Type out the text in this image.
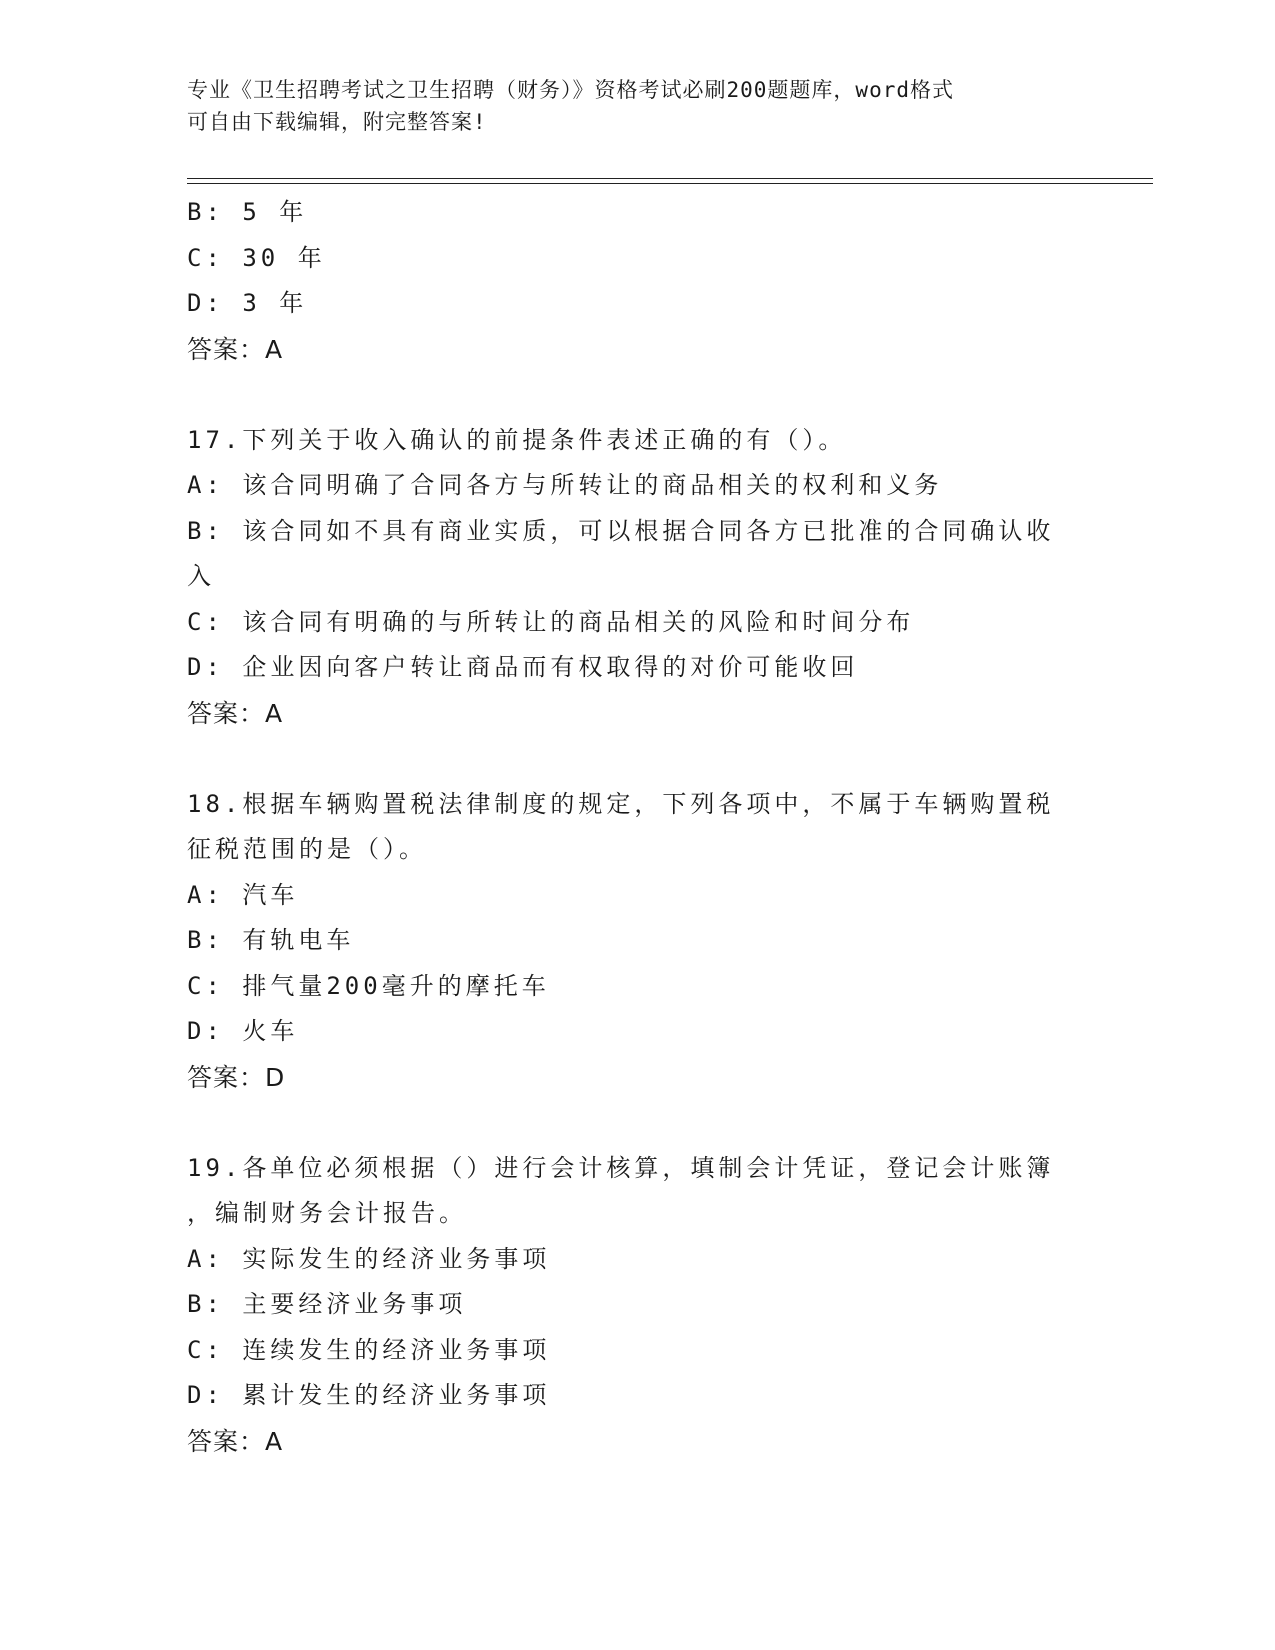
专业《卫生招聘考试之卫生招聘（财务）》资格考试必刷200题题库，word格式
可自由下载编辑，附完整答案!
B: 5 年
C: 30 年
D: 3 年
答案：A
17.下列关于收入确认的前提条件表述正确的有（）。
A: 该合同明确了合同各方与所转让的商品相关的权利和义务
B: 该合同如不具有商业实质，可以根据合同各方已批准的合同确认收
入
C: 该合同有明确的与所转让的商品相关的风险和时间分布
D: 企业因向客户转让商品而有权取得的对价可能收回
答案：A
18.根据车辆购置税法律制度的规定，下列各项中，不属于车辆购置税
征税范围的是（）。
A: 汽车
B: 有轨电车
C: 排气量200毫升的摩托车
D: 火车
答案：D
19.各单位必须根据（）进行会计核算，填制会计凭证，登记会计账簿
，编制财务会计报告。
A: 实际发生的经济业务事项
B: 主要经济业务事项
C: 连续发生的经济业务事项
D: 累计发生的经济业务事项
答案：A
